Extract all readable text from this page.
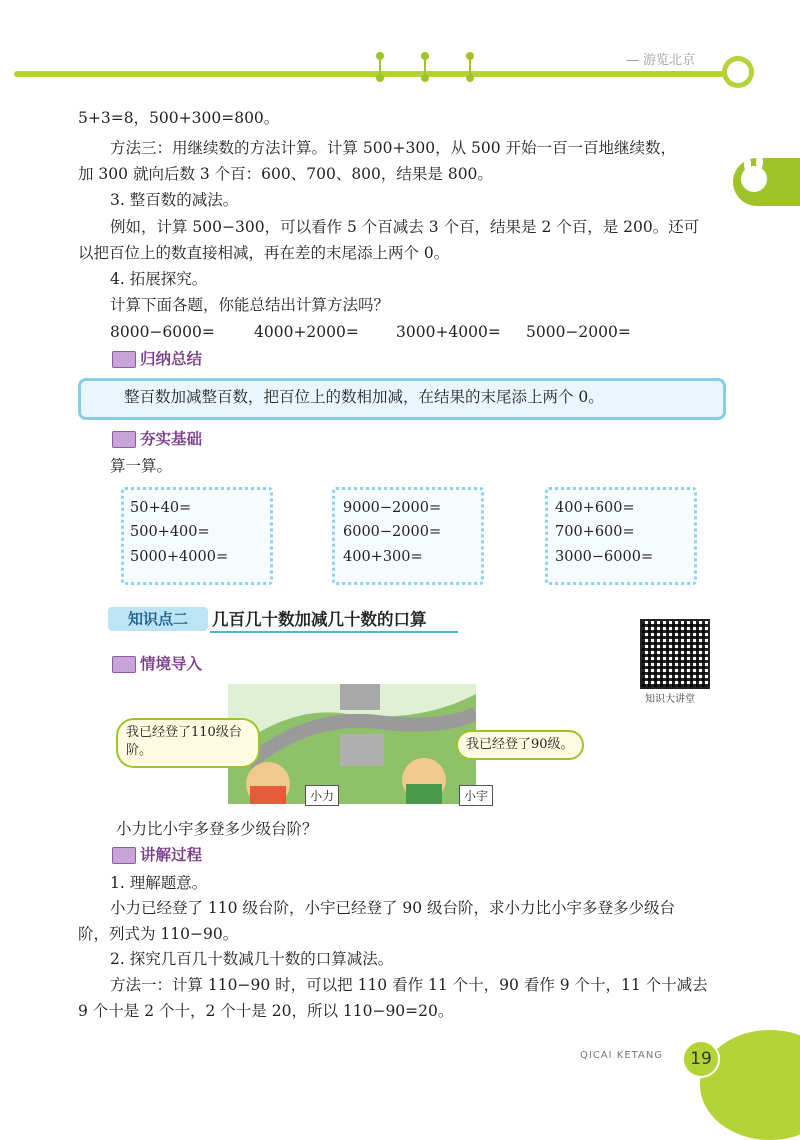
— 游览北京
5+3=8，500+300=800。
方法三：用继续数的方法计算。计算 500+300，从 500 开始一百一百地继续数，
加 300 就向后数 3 个百：600、700、800，结果是 800。
3. 整百数的减法。
例如，计算 500−300，可以看作 5 个百减去 3 个百，结果是 2 个百，是 200。还可
以把百位上的数直接相减，再在差的末尾添上两个 0。
4. 拓展探究。
计算下面各题，你能总结出计算方法吗？
8000−6000=	4000+2000= 3000+4000= 5000−2000=
归纳总结
整百数加减整百数，把百位上的数相加减，在结果的末尾添上两个 0。
夯实基础
算一算。
50+40=
500+400=
5000+4000=
9000−2000=
6000−2000=
400+300=
400+600=
700+600=
3000−6000=
知识点二	几百几十数加减几十数的口算
知识大讲堂
情境导入
我已经登了110级台阶。	我已经登了90级。
小力	小宇
小力比小宇多登多少级台阶？
讲解过程
1. 理解题意。
小力已经登了 110 级台阶，小宇已经登了 90 级台阶，求小力比小宇多登多少级台
阶，列式为 110−90。
2. 探究几百几十数减几十数的口算减法。
方法一：计算 110−90 时，可以把 110 看作 11 个十，90 看作 9 个十，11 个十减去
9 个十是 2 个十，2 个十是 20，所以 110−90=20。
QICAI KETANG	19
